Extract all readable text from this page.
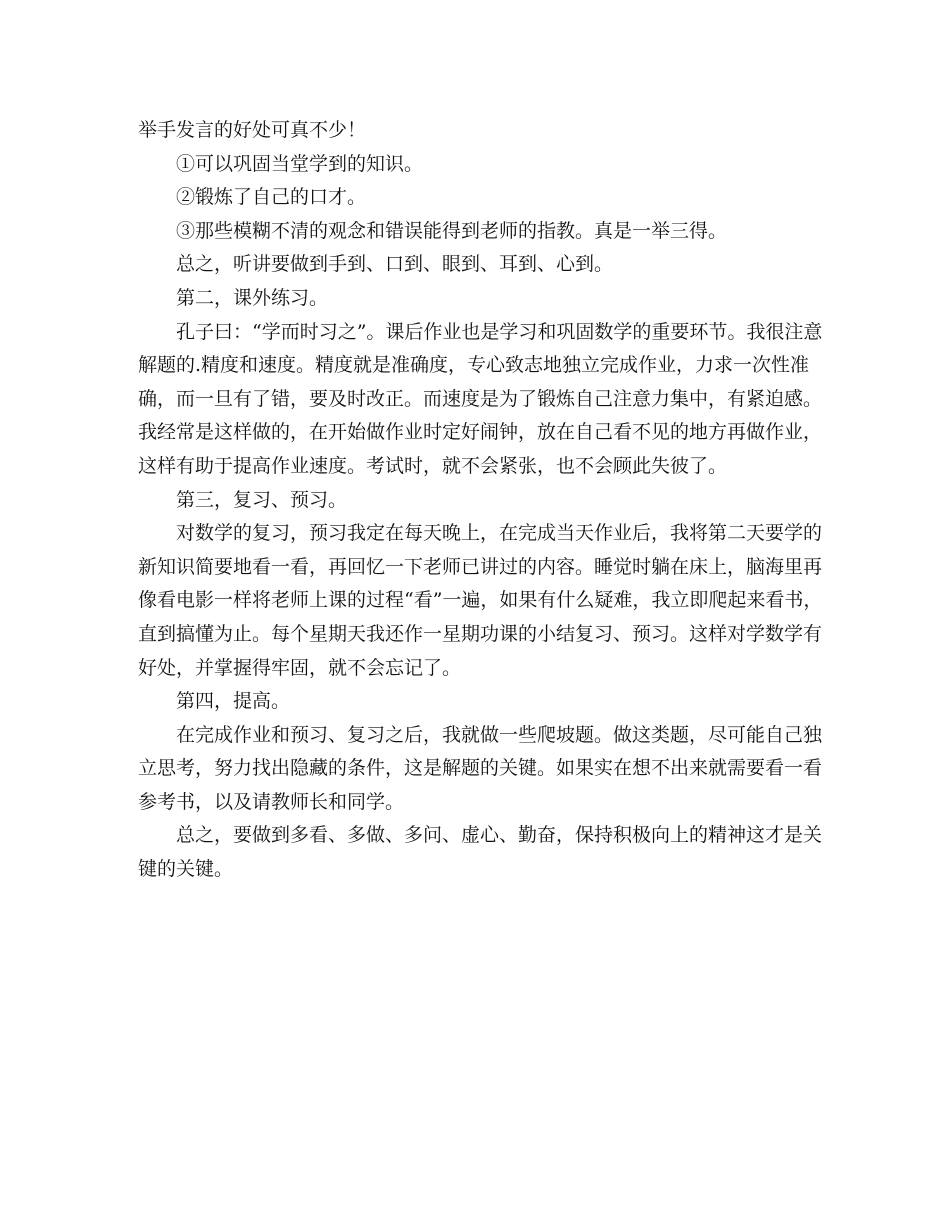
举手发言的好处可真不少！

①可以巩固当堂学到的知识。

②锻炼了自己的口才。

③那些模糊不清的观念和错误能得到老师的指教。真是一举三得。

总之，听讲要做到手到、口到、眼到、耳到、心到。

第二，课外练习。

孔子曰：“学而时习之”。课后作业也是学习和巩固数学的重要环节。我很注意解题的.精度和速度。精度就是准确度，专心致志地独立完成作业，力求一次性准确，而一旦有了错，要及时改正。而速度是为了锻炼自己注意力集中，有紧迫感。我经常是这样做的，在开始做作业时定好闹钟，放在自己看不见的地方再做作业，这样有助于提高作业速度。考试时，就不会紧张，也不会顾此失彼了。

第三，复习、预习。

对数学的复习，预习我定在每天晚上，在完成当天作业后，我将第二天要学的新知识简要地看一看，再回忆一下老师已讲过的内容。睡觉时躺在床上，脑海里再像看电影一样将老师上课的过程“看”一遍，如果有什么疑难，我立即爬起来看书，直到搞懂为止。每个星期天我还作一星期功课的小结复习、预习。这样对学数学有好处，并掌握得牢固，就不会忘记了。

第四，提高。

在完成作业和预习、复习之后，我就做一些爬坡题。做这类题，尽可能自己独立思考，努力找出隐藏的条件，这是解题的关键。如果实在想不出来就需要看一看参考书，以及请教师长和同学。

总之，要做到多看、多做、多问、虚心、勤奋，保持积极向上的精神这才是关键的关键。
